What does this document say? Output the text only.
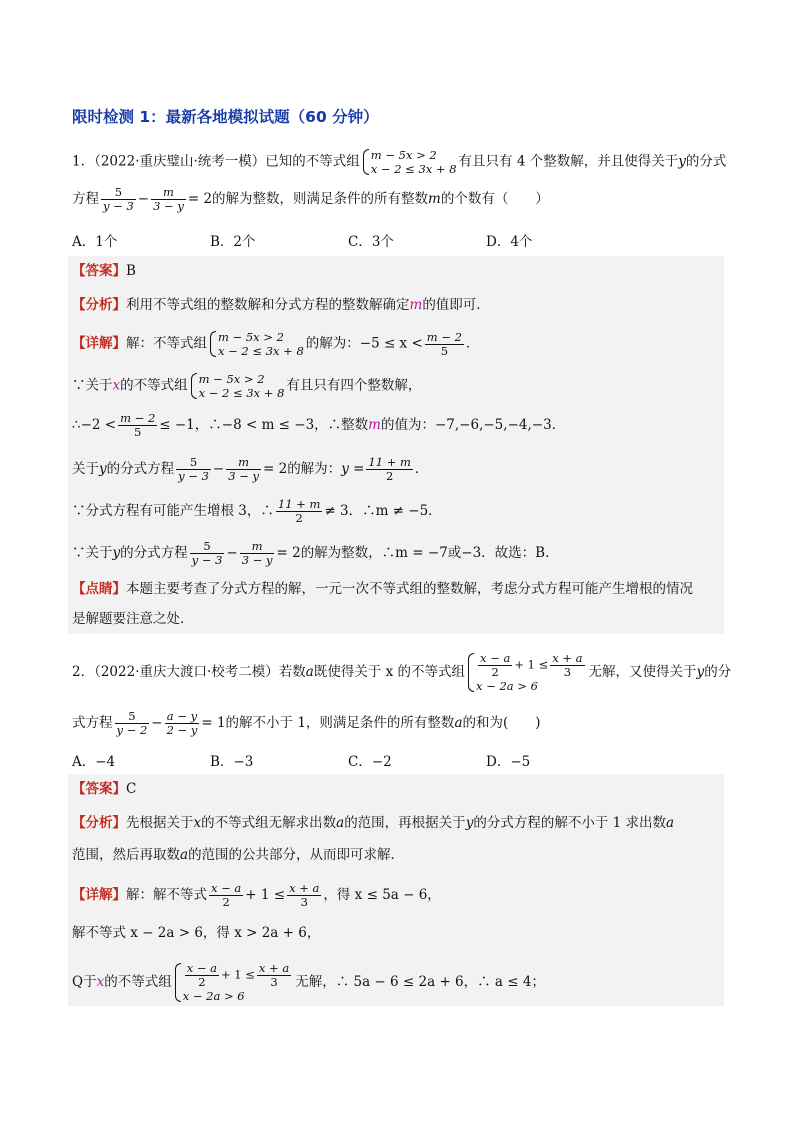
限时检测 1：最新各地模拟试题（60 分钟）
1．（2022·重庆璧山·统考一模）已知的不等式组 m − 5x > 2
x − 2 ≤ 3x + 8 有且只有 4 个整数解，并且使得关于y的分式
方程 $\frac{5}{y - 3} - \frac{m}{3 - y} = 2$的解为整数，则满足条件的所有整数m的个数有（　　）
A．1个	B．2个	C．3个	D．4个
【答案】B
【分析】利用不等式组的整数解和分式方程的整数解确定m的值即可．
【详解】解：不等式组 m − 5x > 2
x − 2 ≤ 3x + 8 的解为：$-5 \le x < \frac{m - 2}{5}$ ．
∵关于x的不等式组 m − 5x > 2
x − 2 ≤ 3x + 8 有且只有四个整数解，
∴−2 < $\frac{m - 2}{5} \le -1$，∴−8 < m ≤ −3，∴整数m的值为：−7,−6,−5,−4,−3．
关于y的分式方程 $\frac{5}{y - 3} - \frac{m}{3 - y} = 2$的解为：$y = \frac{11 + m}{2}$ ．
∵分式方程有可能产生增根 3，∴ $\frac{11 + m}{2} \ne 3$．∴m ≠ −5．
∵关于y的分式方程 $\frac{5}{y - 3} - \frac{m}{3 - y} = 2$的解为整数，∴m = −7或−3．故选：B．
【点睛】本题主要考查了分式方程的解，一元一次不等式组的整数解，考虑分式方程可能产生增根的情况
是解题要注意之处．
2．（2022·重庆大渡口·校考二模）若数a既使得关于 x 的不等式组 $\frac{x - a}{2} + 1 \le \frac{x + a}{3}$
x − 2a > 6
无解，又使得关于y的分
式方程 $\frac{5}{y - 2} - \frac{a - y}{2 - y} = 1$的解不小于 1，则满足条件的所有整数a的和为(　　)
A．−4	B．−3	C．−2	D．−5
【答案】C
【分析】先根据关于x的不等式组无解求出数a的范围，再根据关于y的分式方程的解不小于 1 求出数a
范围，然后再取数a的范围的公共部分，从而即可求解．
【详解】解：解不等式 $\frac{x - a}{2} + 1 \le \frac{x + a}{3}$ ，得 x ≤ 5a − 6，
解不等式 x − 2a > 6，得 x > 2a + 6，
Q于x的不等式组 $\frac{x - a}{2} + 1 \le \frac{x + a}{3}$
x − 2a > 6
无解，∴ 5a − 6 ≤ 2a + 6，∴ a ≤ 4；
